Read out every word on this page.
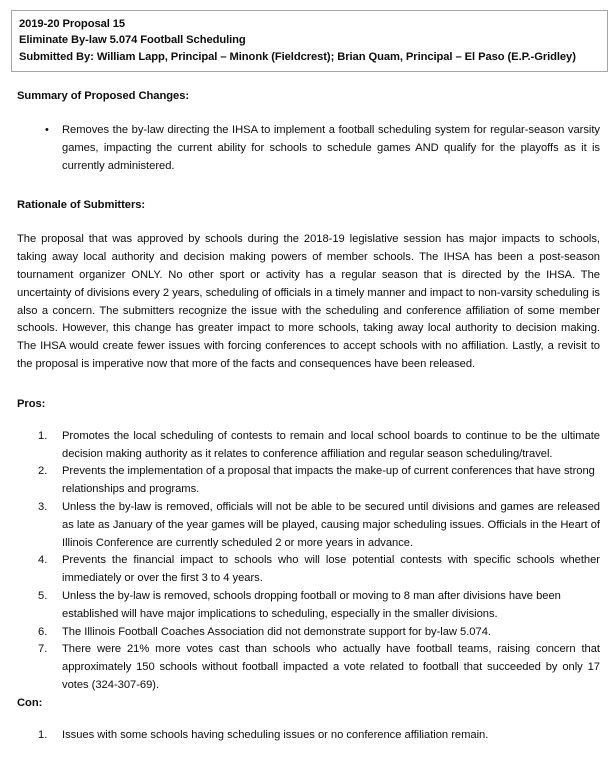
2019-20 Proposal 15
Eliminate By-law 5.074 Football Scheduling
Submitted By: William Lapp, Principal – Minonk (Fieldcrest); Brian Quam, Principal – El Paso (E.P.-Gridley)
Summary of Proposed Changes:
• Removes the by-law directing the IHSA to implement a football scheduling system for regular-season varsity games, impacting the current ability for schools to schedule games AND qualify for the playoffs as it is currently administered.
Rationale of Submitters:

The proposal that was approved by schools during the 2018-19 legislative session has major impacts to schools, taking away local authority and decision making powers of member schools. The IHSA has been a post-season tournament organizer ONLY. No other sport or activity has a regular season that is directed by the IHSA. The uncertainty of divisions every 2 years, scheduling of officials in a timely manner and impact to non-varsity scheduling is also a concern. The submitters recognize the issue with the scheduling and conference affiliation of some member schools. However, this change has greater impact to more schools, taking away local authority to decision making. The IHSA would create fewer issues with forcing conferences to accept schools with no affiliation. Lastly, a revisit to the proposal is imperative now that more of the facts and consequences have been released.

Pros:
1.	Promotes the local scheduling of contests to remain and local school boards to continue to be the ultimate decision making authority as it relates to conference affiliation and regular season scheduling/travel.
2.	Prevents the implementation of a proposal that impacts the make-up of current conferences that have strong relationships and programs.
3.	Unless the by-law is removed, officials will not be able to be secured until divisions and games are released as late as January of the year games will be played, causing major scheduling issues. Officials in the Heart of Illinois Conference are currently scheduled 2 or more years in advance.
4.	Prevents the financial impact to schools who will lose potential contests with specific schools whether immediately or over the first 3 to 4 years.
5.	Unless the by-law is removed, schools dropping football or moving to 8 man after divisions have been established will have major implications to scheduling, especially in the smaller divisions.
6.	The Illinois Football Coaches Association did not demonstrate support for by-law 5.074.
7.	There were 21% more votes cast than schools who actually have football teams, raising concern that approximately 150 schools without football impacted a vote related to football that succeeded by only 17 votes (324-307-69).
Con:
1.	Issues with some schools having scheduling issues or no conference affiliation remain.
